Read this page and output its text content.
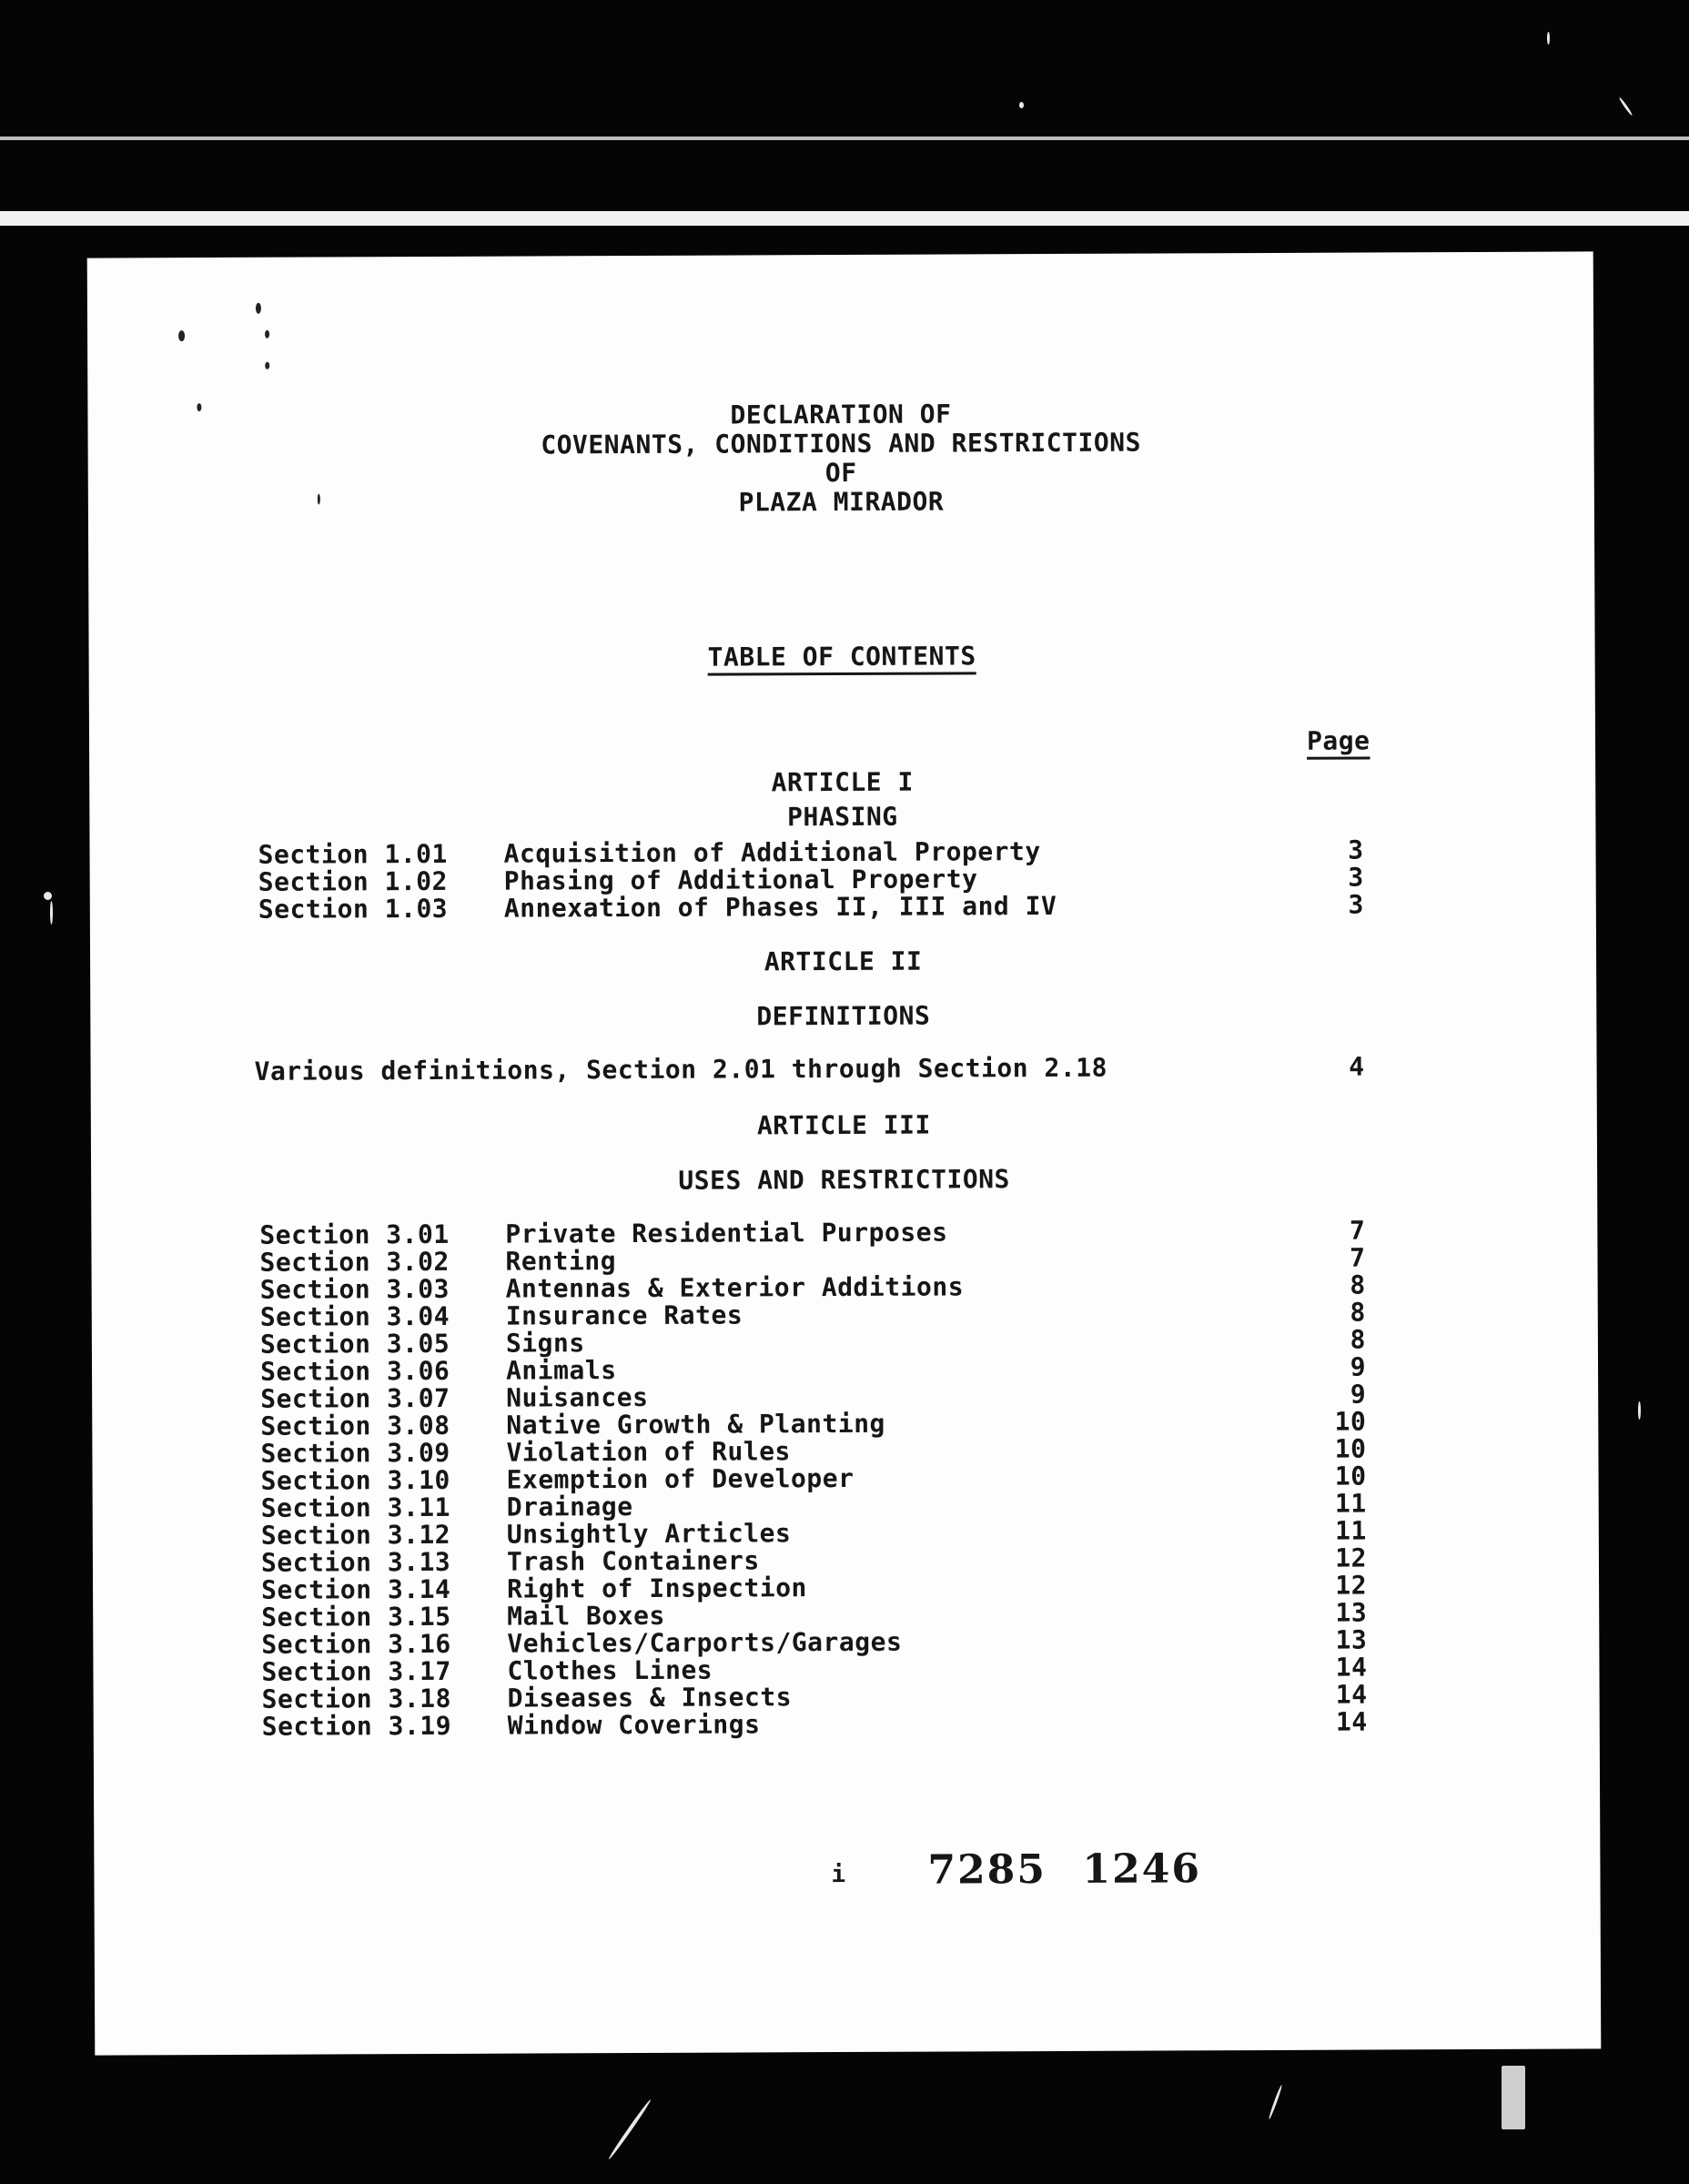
DECLARATION OF
COVENANTS, CONDITIONS AND RESTRICTIONS
OF
PLAZA MIRADOR
TABLE OF CONTENTS
Page
ARTICLE I
PHASING
Section 1.01 Acquisition of Additional Property	3
Section 1.02 Phasing of Additional Property	3
Section 1.03 Annexation of Phases II, III and IV	3
ARTICLE II
DEFINITIONS
Various definitions, Section 2.01 through Section 2.18	4
ARTICLE III
USES AND RESTRICTIONS
Section 3.01 Private Residential Purposes	7
Section 3.02 Renting	7
Section 3.03 Antennas & Exterior Additions	8
Section 3.04 Insurance Rates	8
Section 3.05 Signs	8
Section 3.06 Animals	9
Section 3.07 Nuisances	9
Section 3.08 Native Growth & Planting	10
Section 3.09 Violation of Rules	10
Section 3.10 Exemption of Developer	10
Section 3.11 Drainage	11
Section 3.12 Unsightly Articles	11
Section 3.13 Trash Containers	12
Section 3.14 Right of Inspection	12
Section 3.15 Mail Boxes	13
Section 3.16 Vehicles/Carports/Garages	13
Section 3.17 Clothes Lines	14
Section 3.18 Diseases & Insects	14
Section 3.19 Window Coverings	14
i 7285 1246
